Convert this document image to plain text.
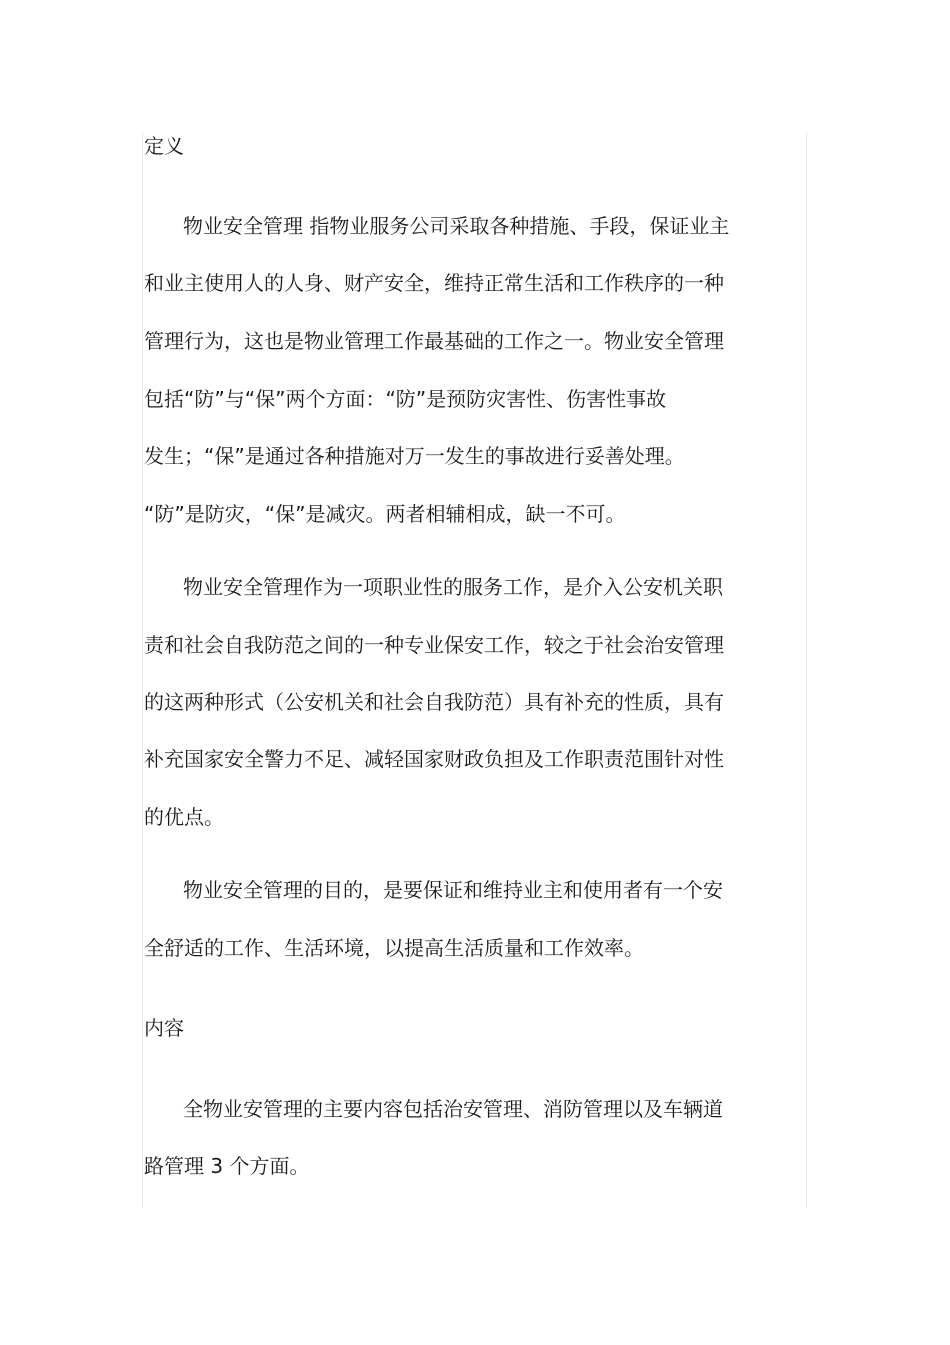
定义
物业安全管理 指物业服务公司采取各种措施、手段，保证业主
和业主使用人的人身、财产安全，维持正常生活和工作秩序的一种
管理行为，这也是物业管理工作最基础的工作之一。物业安全管理
包括“防”与“保”两个方面：“防”是预防灾害性、伤害性事故
发生；“保”是通过各种措施对万一发生的事故进行妥善处理。
“防”是防灾，“保”是减灾。两者相辅相成，缺一不可。
物业安全管理作为一项职业性的服务工作，是介入公安机关职
责和社会自我防范之间的一种专业保安工作，较之于社会治安管理
的这两种形式（公安机关和社会自我防范）具有补充的性质，具有
补充国家安全警力不足、减轻国家财政负担及工作职责范围针对性
的优点。
物业安全管理的目的，是要保证和维持业主和使用者有一个安
全舒适的工作、生活环境，以提高生活质量和工作效率。
内容
全物业安管理的主要内容包括治安管理、消防管理以及车辆道
路管理 3 个方面。
